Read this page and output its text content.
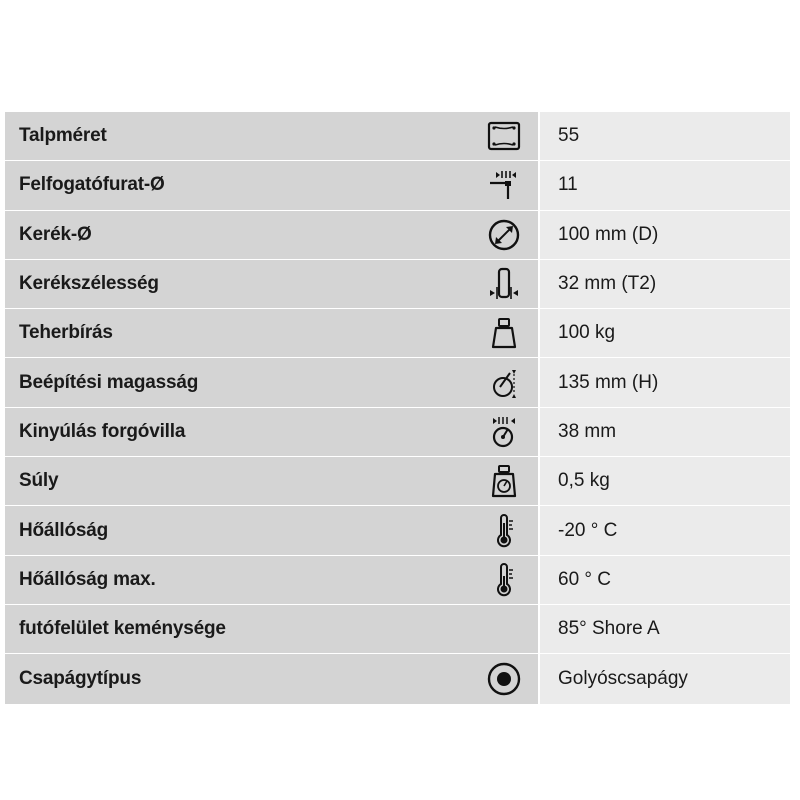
Talpméret	55
Felfogatófurat-Ø	11
Kerék-Ø	100 mm (D)
Kerékszélesség	32 mm (T2)
Teherbírás	100 kg
Beépítési magasság	135 mm (H)
Kinyúlás forgóvilla	38 mm
Súly	0,5 kg
Hőállóság	-20 ° C
Hőállóság max.	60 ° C
futófelület keménysége	85° Shore A
Csapágytípus	Golyóscsapágy
